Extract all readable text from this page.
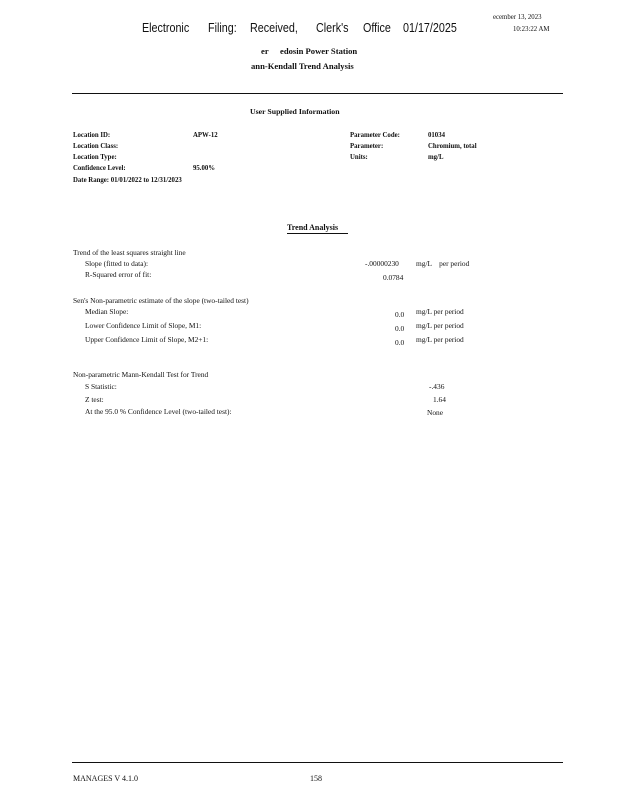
Electronic Filing: Received, Clerk's Office 01/17/2025
ecember 13, 2023
10:23:22 AM
er edosin Power Station
ann-Kendall Trend Analysis
User Supplied Information
Location ID:	APW-12
Location Class:
Location Type:
Confidence Level:	95.00%
Date Range: 01/01/2022 to 12/31/2023
Parameter Code:	01034
Parameter:	Chromium, total
Units:	mg/L
Trend Analysis
Trend of the least squares straight line
Slope (fitted to data):	-.00000230 mg/L    per period
R-Squared error of fit:	0.0784
Sen's Non-parametric estimate of the slope (two-tailed test)
Median Slope:	0.0 mg/L per period
Lower Confidence Limit of Slope, M1:	0.0 mg/L per period
Upper Confidence Limit of Slope, M2+1:	0.0 mg/L per period
Non-parametric Mann-Kendall Test for Trend
S Statistic:	-.436
Z test:	1.64
At the 95.0 % Confidence Level (two-tailed test):	None
MANAGES V 4.1.0	158
